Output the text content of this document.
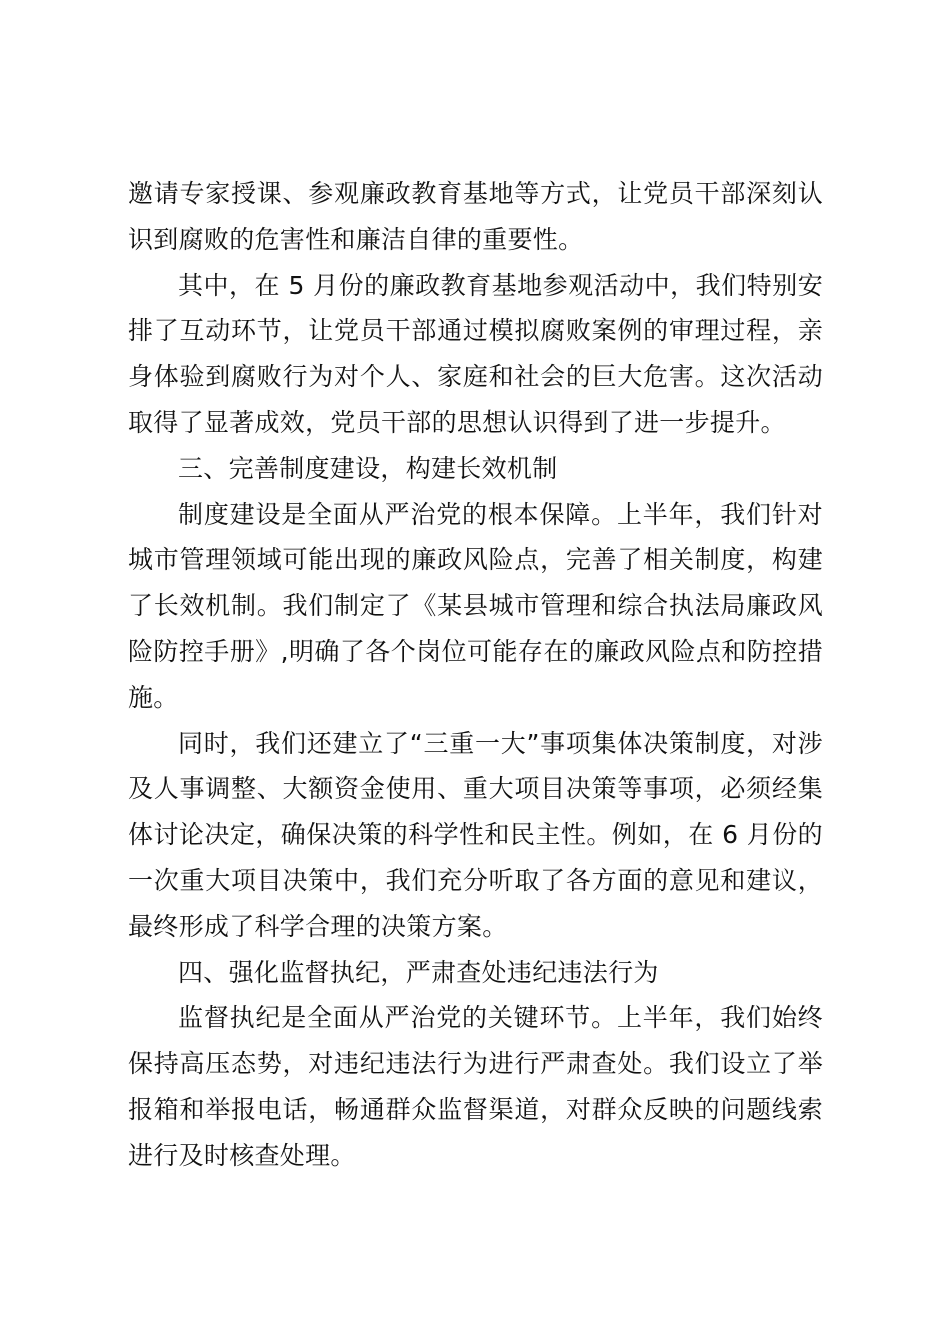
邀请专家授课、参观廉政教育基地等方式，让党员干部深刻认识到腐败的危害性和廉洁自律的重要性。

其中，在 5 月份的廉政教育基地参观活动中，我们特别安排了互动环节，让党员干部通过模拟腐败案例的审理过程，亲身体验到腐败行为对个人、家庭和社会的巨大危害。这次活动取得了显著成效，党员干部的思想认识得到了进一步提升。

三、完善制度建设，构建长效机制

制度建设是全面从严治党的根本保障。上半年，我们针对城市管理领域可能出现的廉政风险点，完善了相关制度，构建了长效机制。我们制定了《某县城市管理和综合执法局廉政风险防控手册》,明确了各个岗位可能存在的廉政风险点和防控措施。

同时，我们还建立了“三重一大”事项集体决策制度，对涉及人事调整、大额资金使用、重大项目决策等事项，必须经集体讨论决定，确保决策的科学性和民主性。例如，在 6 月份的一次重大项目决策中，我们充分听取了各方面的意见和建议，最终形成了科学合理的决策方案。

四、强化监督执纪，严肃查处违纪违法行为

监督执纪是全面从严治党的关键环节。上半年，我们始终保持高压态势，对违纪违法行为进行严肃查处。我们设立了举报箱和举报电话，畅通群众监督渠道，对群众反映的问题线索进行及时核查处理。
